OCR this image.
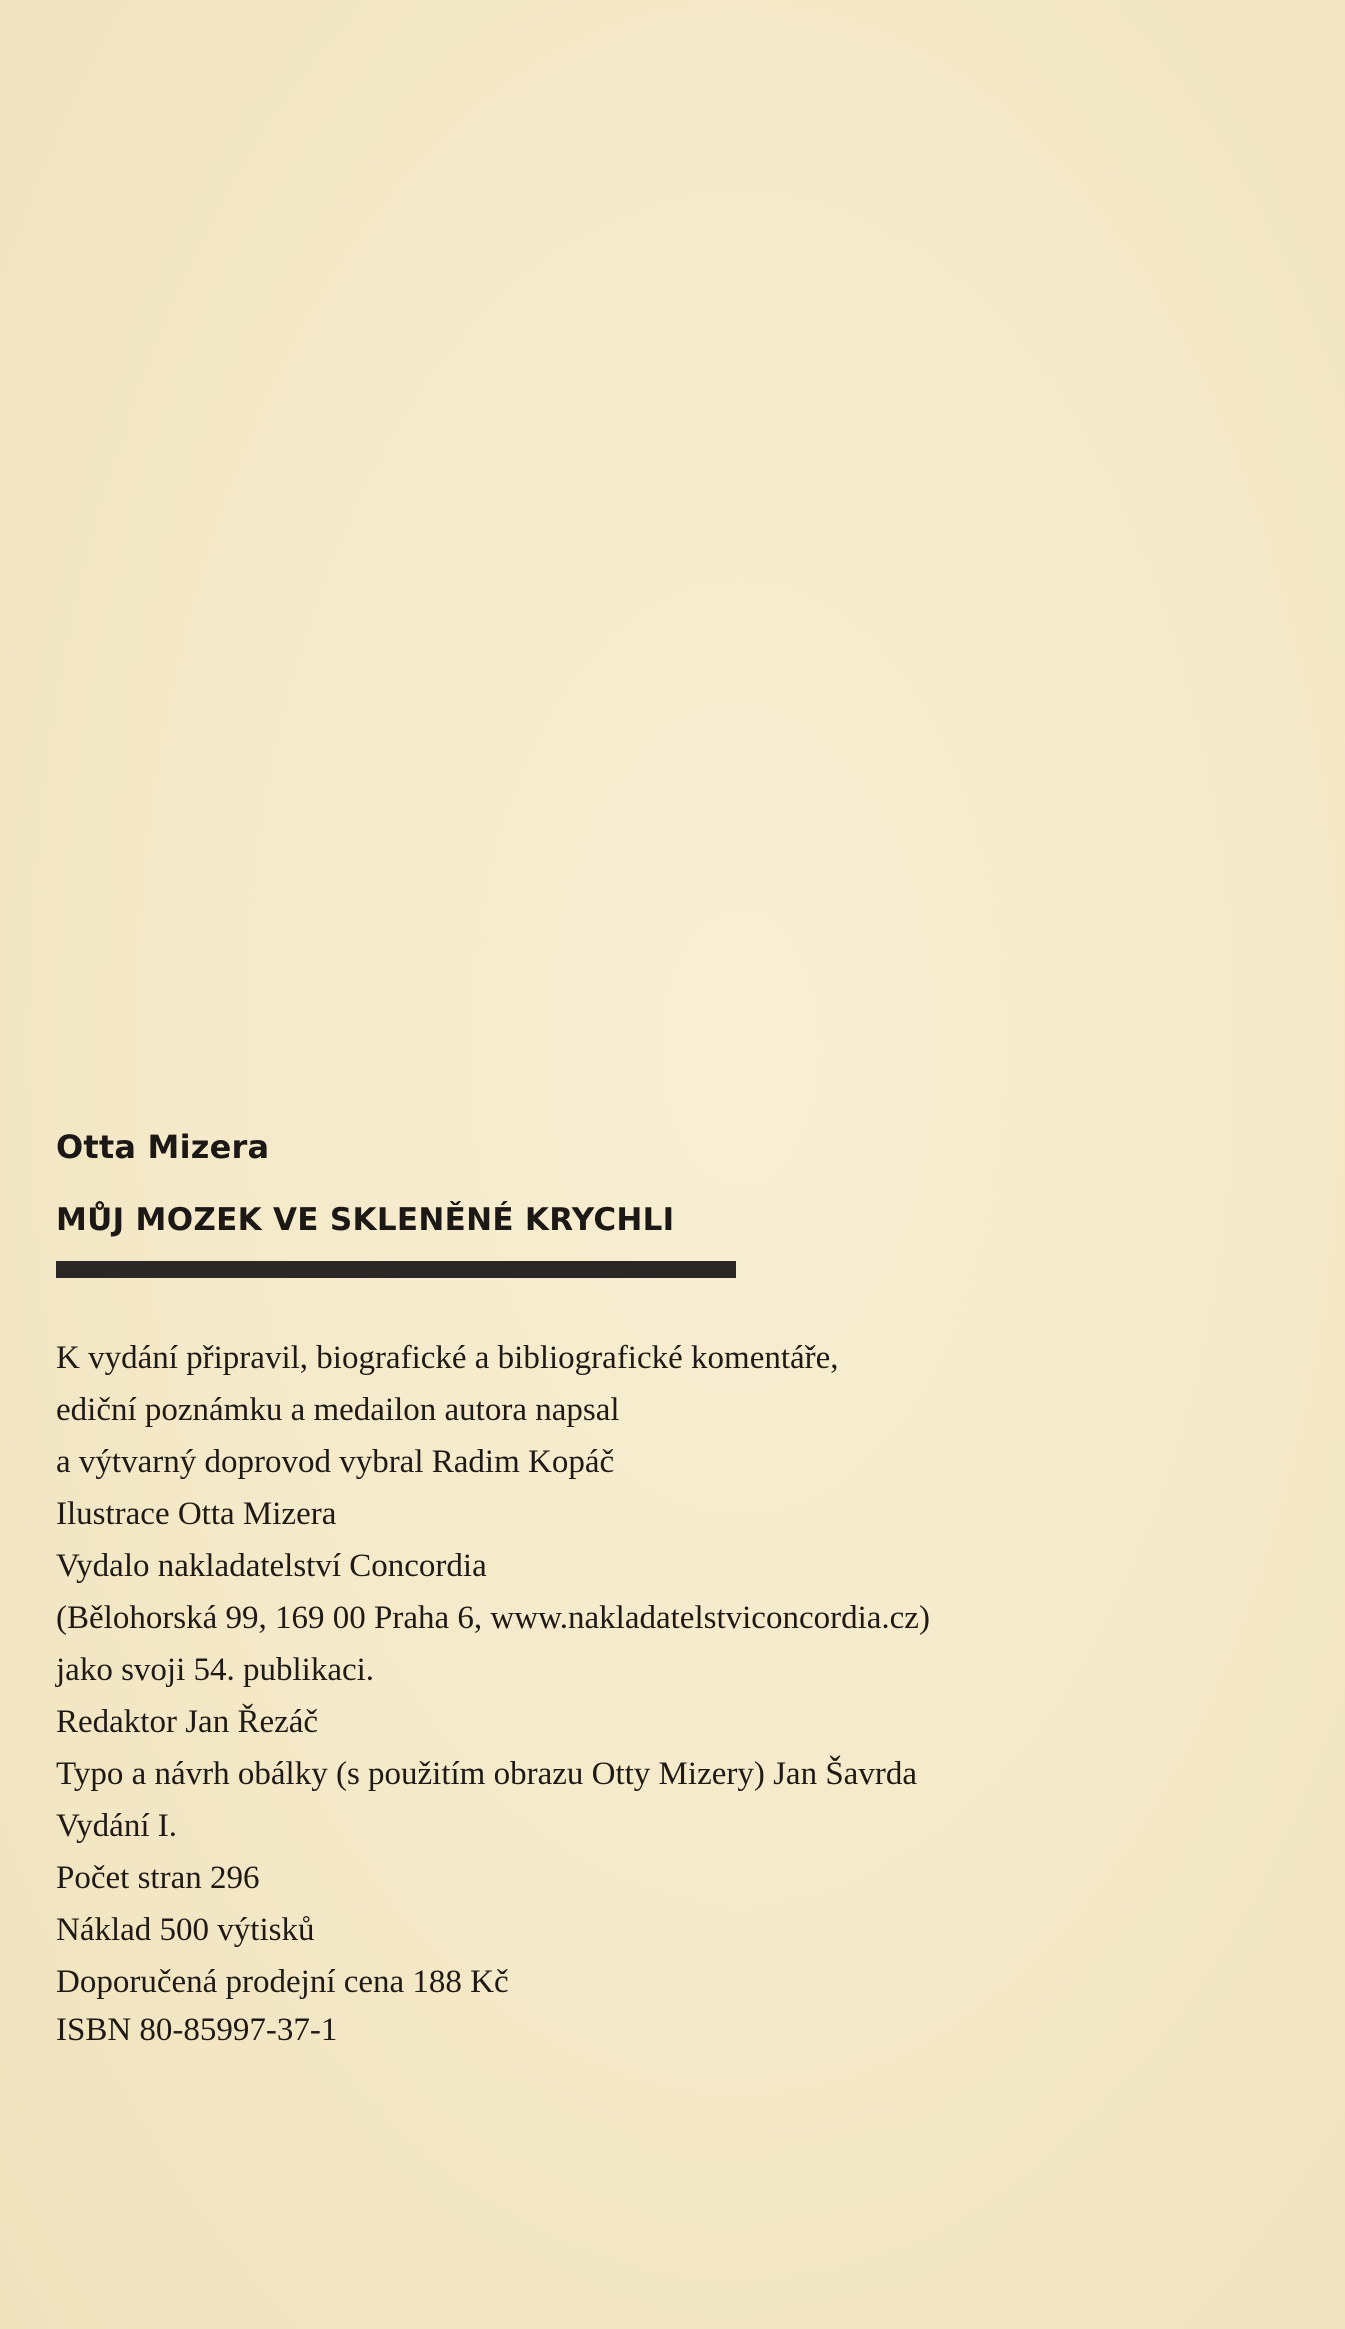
Otta Mizera
MŮJ MOZEK VE SKLENĚNÉ KRYCHLI
K vydání připravil, biografické a bibliografické komentáře,
ediční poznámku a medailon autora napsal
a výtvarný doprovod vybral Radim Kopáč
Ilustrace Otta Mizera
Vydalo nakladatelství Concordia
(Bělohorská 99, 169 00 Praha 6, www.nakladatelstviconcordia.cz)
jako svoji 54. publikaci.
Redaktor Jan Řezáč
Typo a návrh obálky (s použitím obrazu Otty Mizery) Jan Šavrda
Vydání I.
Počet stran 296
Náklad 500 výtisků
Doporučená prodejní cena 188 Kč
ISBN 80-85997-37-1
